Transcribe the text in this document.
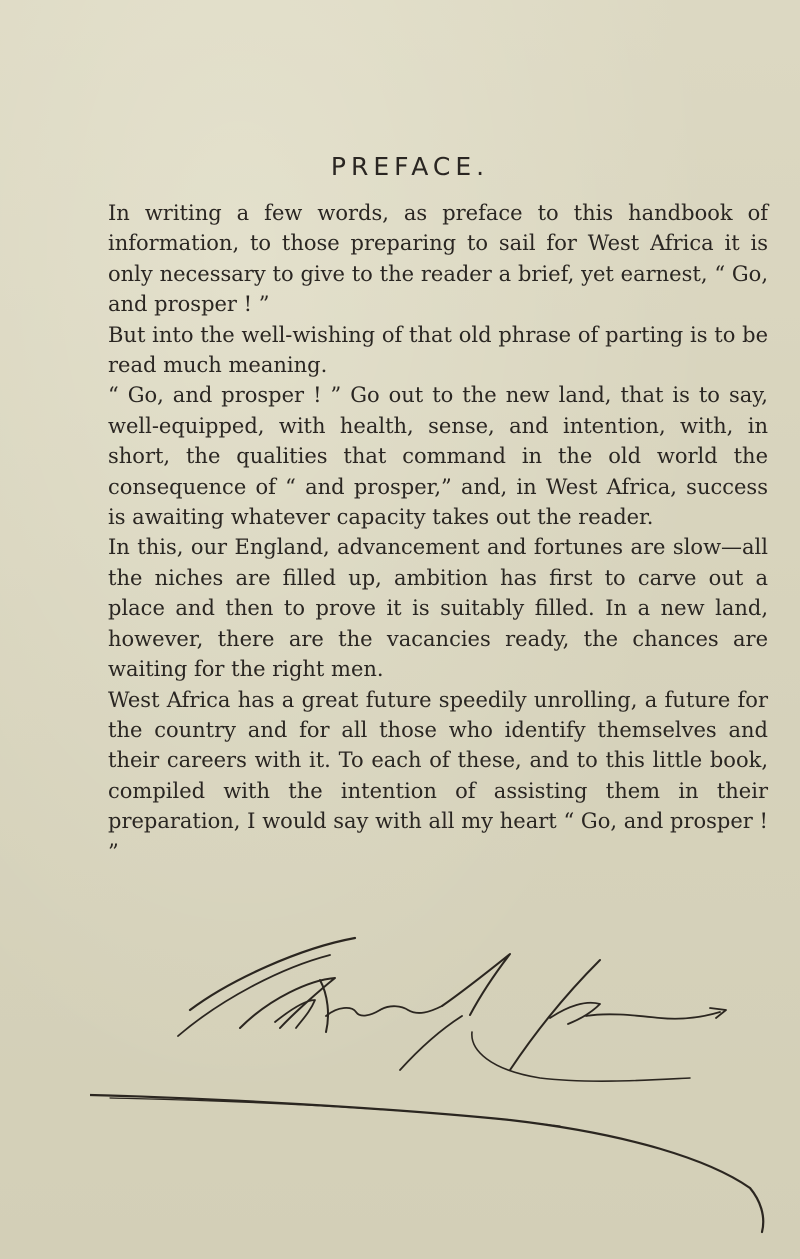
PREFACE.

In writing a few words, as preface to this handbook of information, to those preparing to sail for West Africa it is only necessary to give to the reader a brief, yet earnest, “ Go, and prosper ! ”

But into the well-wishing of that old phrase of parting is to be read much meaning.

“ Go, and prosper ! ” Go out to the new land, that is to say, well-equipped, with health, sense, and intention, with, in short, the qualities that command in the old world the consequence of “ and prosper,” and, in West Africa, success is awaiting whatever capacity takes out the reader.

In this, our England, advancement and fortunes are slow—all the niches are filled up, ambition has first to carve out a place and then to prove it is suitably filled. In a new land, however, there are the vacancies ready, the chances are waiting for the right men.

West Africa has a great future speedily unrolling, a future for the country and for all those who identify themselves and their careers with it. To each of these, and to this little book, compiled with the intention of assisting them in their preparation, I would say with all my heart “ Go, and prosper ! ”
